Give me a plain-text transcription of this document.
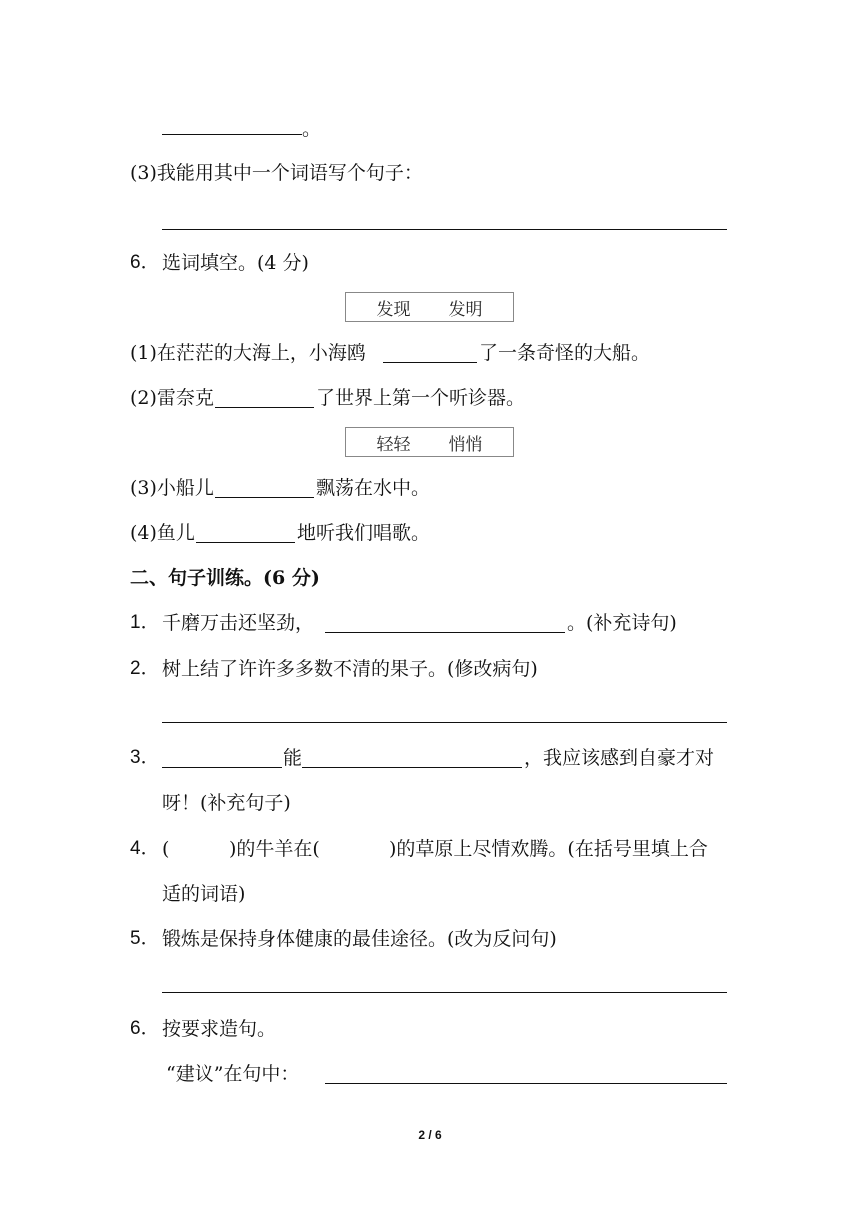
。
(3)我能用其中一个词语写个句子：
6． 选词填空。(4 分)
发现 发明
(1)在茫茫的大海上，小海鸥	了一条奇怪的大船。
(2)雷奈克	了世界上第一个听诊器。
轻轻 悄悄
(3)小船儿	飘荡在水中。
(4)鱼儿	地听我们唱歌。
二、句子训练。(6 分)
1． 千磨万击还坚劲，	。(补充诗句)
2． 树上结了许许多多数不清的果子。(修改病句)
3．	能	，我应该感到自豪才对
呀！(补充句子)
4． (	)的牛羊在(	)的草原上尽情欢腾。(在括号里填上合
适的词语)
5． 锻炼是保持身体健康的最佳途径。(改为反问句)
6． 按要求造句。
“建议”在句中：
2 / 6
